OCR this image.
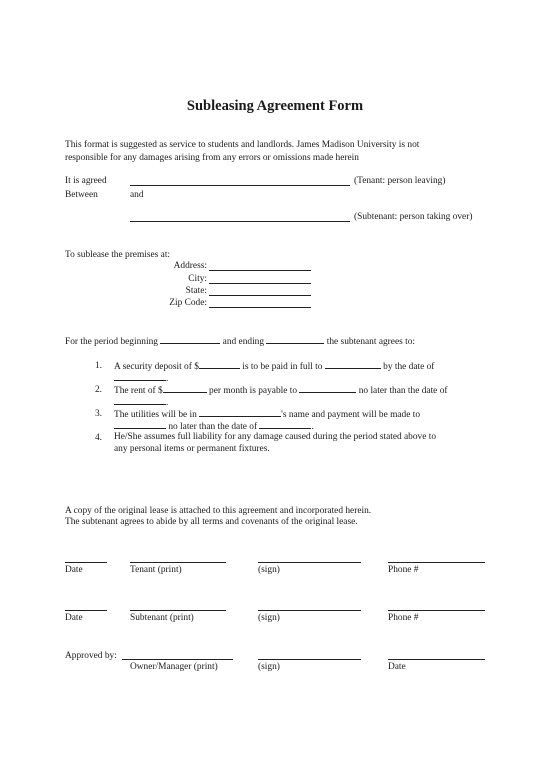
Subleasing Agreement Form
This format is suggested as service to students and landlords. James Madison University is not
responsible for any damages arising from any errors or omissions made herein
It is agreed	(Tenant: person leaving)
Between	and
(Subtenant: person taking over)
To sublease the premises at:
Address:
City:
State:
Zip Code:
For the period beginning	and ending	the subtenant agrees to:
1. A security deposit of $	is to be paid in full to	by the date of
.
2. The rent of $	per month is payable to	no later than the date of
.
3. The utilities will be in	's name and payment will be made to
no later than the date of	.
4. He/She assumes full liability for any damage caused during the period stated above to
any personal items or permanent fixtures.
A copy of the original lease is attached to this agreement and incorporated herein.
The subtenant agrees to abide by all terms and covenants of the original lease.
Date	Tenant (print)	(sign)	Phone #
Date	Subtenant (print)	(sign)	Phone #
Approved by:
Owner/Manager (print)	(sign)	Date
